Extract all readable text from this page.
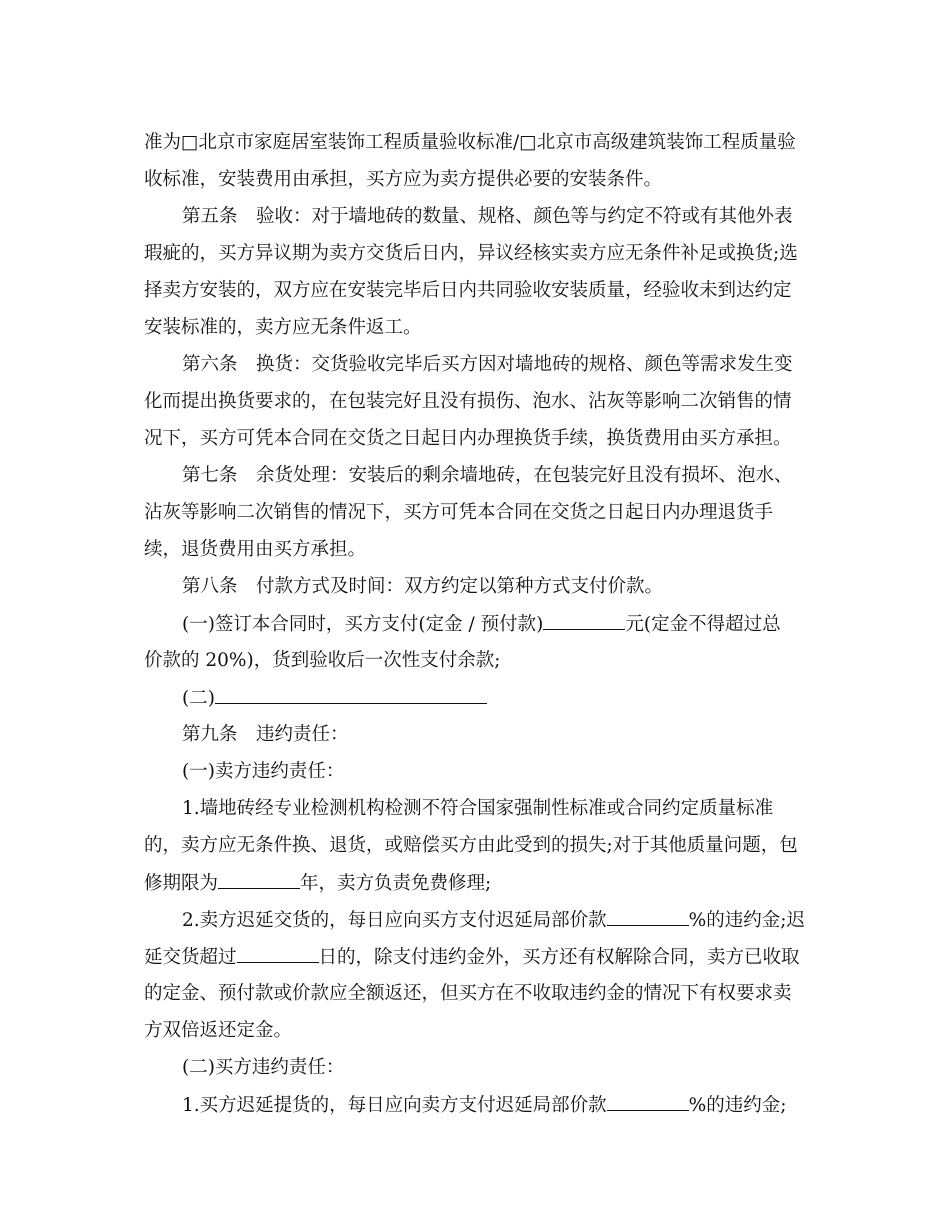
准为□北京市家庭居室装饰工程质量验收标准/□北京市高级建筑装饰工程质量验
收标准，安装费用由承担，买方应为卖方提供必要的安装条件。
第五条　验收：对于墙地砖的数量、规格、颜色等与约定不符或有其他外表
瑕疵的，买方异议期为卖方交货后日内，异议经核实卖方应无条件补足或换货;选
择卖方安装的，双方应在安装完毕后日内共同验收安装质量，经验收未到达约定
安装标准的，卖方应无条件返工。
第六条　换货：交货验收完毕后买方因对墙地砖的规格、颜色等需求发生变
化而提出换货要求的，在包装完好且没有损伤、泡水、沾灰等影响二次销售的情
况下，买方可凭本合同在交货之日起日内办理换货手续，换货费用由买方承担。
第七条　余货处理：安装后的剩余墙地砖，在包装完好且没有损坏、泡水、
沾灰等影响二次销售的情况下，买方可凭本合同在交货之日起日内办理退货手
续，退货费用由买方承担。
第八条　付款方式及时间：双方约定以第种方式支付价款。
(一)签订本合同时，买方支付(定金 / 预付款)	元(定金不得超过总
价款的 20%)，货到验收后一次性支付余款;
(二)
第九条　违约责任：
(一)卖方违约责任：
1.墙地砖经专业检测机构检测不符合国家强制性标准或合同约定质量标准
的，卖方应无条件换、退货，或赔偿买方由此受到的损失;对于其他质量问题，包
修期限为	年，卖方负责免费修理;
2.卖方迟延交货的，每日应向买方支付迟延局部价款	%的违约金;迟
延交货超过	日的，除支付违约金外，买方还有权解除合同，卖方已收取
的定金、预付款或价款应全额返还，但买方在不收取违约金的情况下有权要求卖
方双倍返还定金。
(二)买方违约责任：
1.买方迟延提货的，每日应向卖方支付迟延局部价款	%的违约金;
